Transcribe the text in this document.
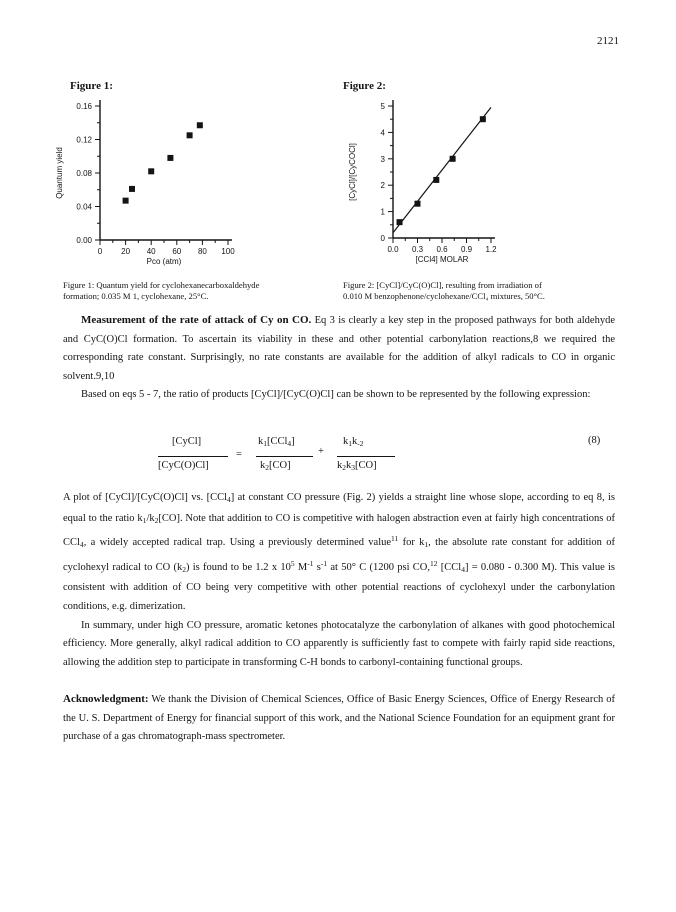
2121
Figure 1:
0.00
0.04
0.08
0.12
0.16
0 20 40 60 80 100
Pco (atm)
Quantum yield
Figure 1: Quantum yield for cyclohexanecarboxaldehyde
formation; 0.035 M 1, cyclohexane, 25°C.
Figure 2:
0
1
2
3
4
5
0.0 0.3 0.6 0.9 1.2
[CCl4] MOLAR
[CyCl]/[CyCOCl]
Figure 2: [CyCl]/CyC(O)Cl], resulting from irradiation of
0.010 M benzophenone/cyclohexane/CCl₄ mixtures, 50°C.

Measurement of the rate of attack of Cy on CO. Eq 3 is clearly a key step in the proposed pathways for both aldehyde and CyC(O)Cl formation. To ascertain its viability in these and other potential carbonylation reactions,8 we required the corresponding rate constant. Surprisingly, no rate constants are available for the addition of alkyl radicals to CO in organic solvent.9,10

Based on eqs 5 - 7, the ratio of products [CyCl]/[CyC(O)Cl] can be shown to be represented by the following expression:

[CyCl]
[CyC(O)Cl]
=
$k_1[CCl_4]$
$k_2[CO]$
+
$k_1k_{-2}$
$k_2k_3[CO]$
(8)

A plot of [CyCl]/[CyC(O)Cl] vs. [CCl$_4$] at constant CO pressure (Fig. 2) yields a straight line whose slope, according to eq 8, is equal to the ratio $k_1/k_2[CO]$. Note that addition to CO is competitive with halogen abstraction even at fairly high concentrations of CCl$_4$, a widely accepted radical trap. Using a previously determined value$^{11}$ for $k_1$, the absolute rate constant for addition of cyclohexyl radical to CO $(k_2)$ is found to be 1.2 x $10^5$ $M^{-1}$ $s^{-1}$ at 50° C (1200 psi CO,$^{12}$ [CCl$_4$] = 0.080 - 0.300 M). This value is consistent with addition of CO being very competitive with other potential reactions of cyclohexyl under the carbonylation conditions, e.g. dimerization.

In summary, under high CO pressure, aromatic ketones photocatalyze the carbonylation of alkanes with good photochemical efficiency. More generally, alkyl radical addition to CO apparently is sufficiently fast to compete with fairly rapid side reactions, allowing the addition step to participate in transforming C-H bonds to carbonyl-containing functional groups.

Acknowledgment: We thank the Division of Chemical Sciences, Office of Basic Energy Sciences, Office of Energy Research of the U. S. Department of Energy for financial support of this work, and the National Science Foundation for an equipment grant for purchase of a gas chromatograph-mass spectrometer.
